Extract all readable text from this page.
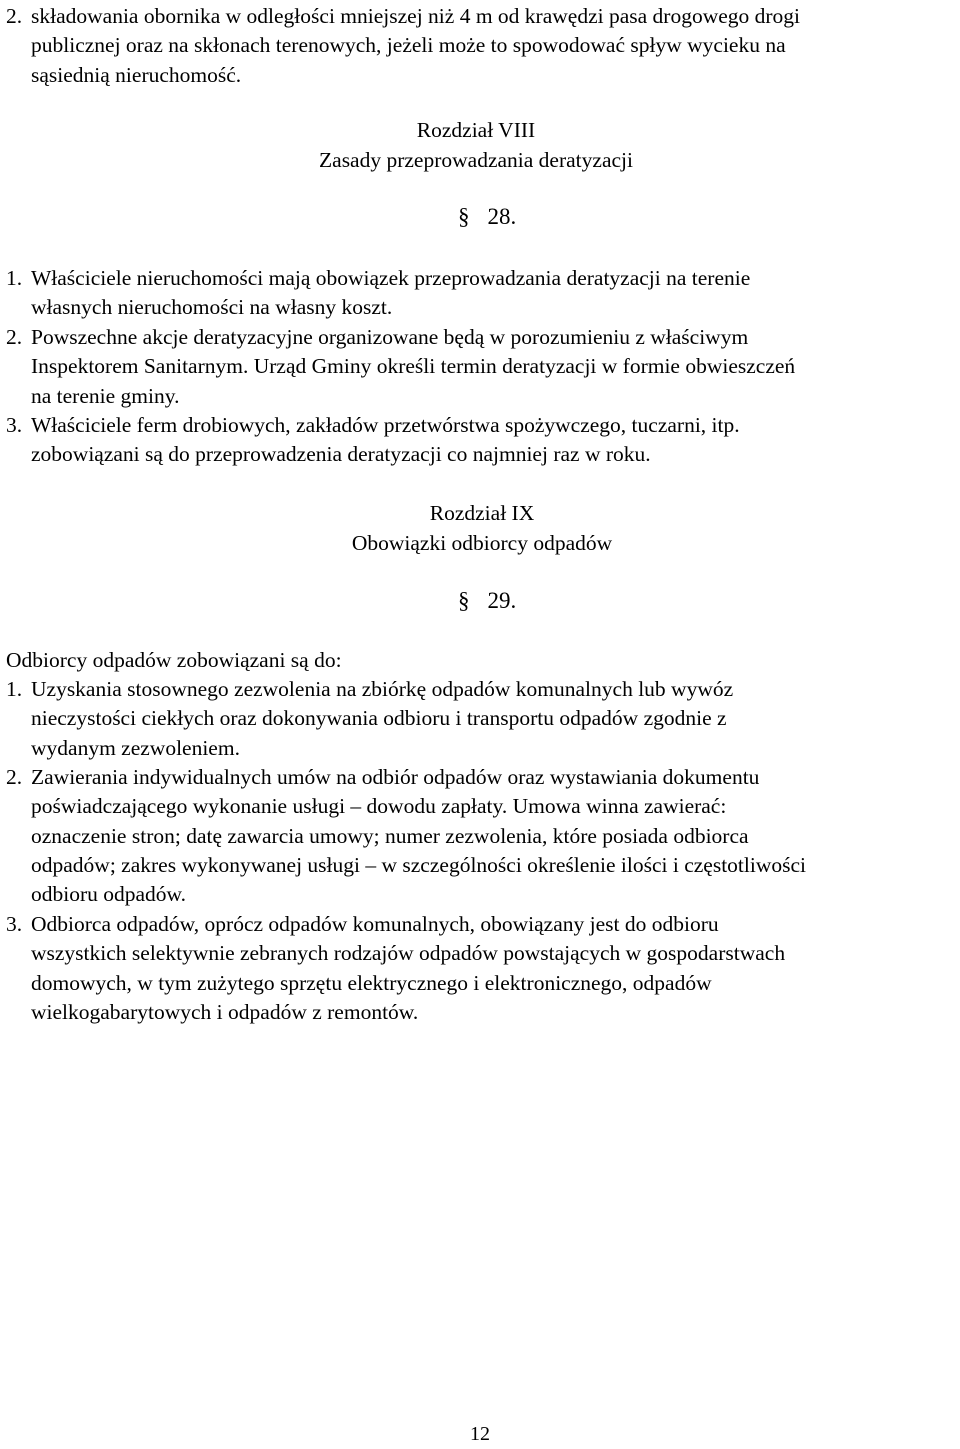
2. składowania obornika w odległości mniejszej niż 4 m od krawędzi pasa drogowego drogi
publicznej oraz na skłonach terenowych, jeżeli może to spowodować spływ wycieku na
sąsiednią nieruchomość.
Rozdział VIII
Zasady przeprowadzania deratyzacji
§ 28.
1. Właściciele nieruchomości mają obowiązek przeprowadzania deratyzacji na terenie
własnych nieruchomości na własny koszt.
2. Powszechne akcje deratyzacyjne organizowane będą w porozumieniu z właściwym
Inspektorem Sanitarnym. Urząd Gminy określi termin deratyzacji w formie obwieszczeń
na terenie gminy.
3. Właściciele ferm drobiowych, zakładów przetwórstwa spożywczego, tuczarni, itp.
zobowiązani są do przeprowadzenia deratyzacji co najmniej raz w roku.
Rozdział IX
Obowiązki odbiorcy odpadów
§ 29.
Odbiorcy odpadów zobowiązani są do:
1. Uzyskania stosownego zezwolenia na zbiórkę odpadów komunalnych lub wywóz
nieczystości ciekłych oraz dokonywania odbioru i transportu odpadów zgodnie z
wydanym zezwoleniem.
2. Zawierania indywidualnych umów na odbiór odpadów oraz wystawiania dokumentu
poświadczającego wykonanie usługi – dowodu zapłaty. Umowa winna zawierać:
oznaczenie stron; datę zawarcia umowy; numer zezwolenia, które posiada odbiorca
odpadów; zakres wykonywanej usługi – w szczególności określenie ilości i częstotliwości
odbioru odpadów.
3. Odbiorca odpadów, oprócz odpadów komunalnych, obowiązany jest do odbioru
wszystkich selektywnie zebranych rodzajów odpadów powstających w gospodarstwach
domowych, w tym zużytego sprzętu elektrycznego i elektronicznego, odpadów
wielkogabarytowych i odpadów z remontów.
12
